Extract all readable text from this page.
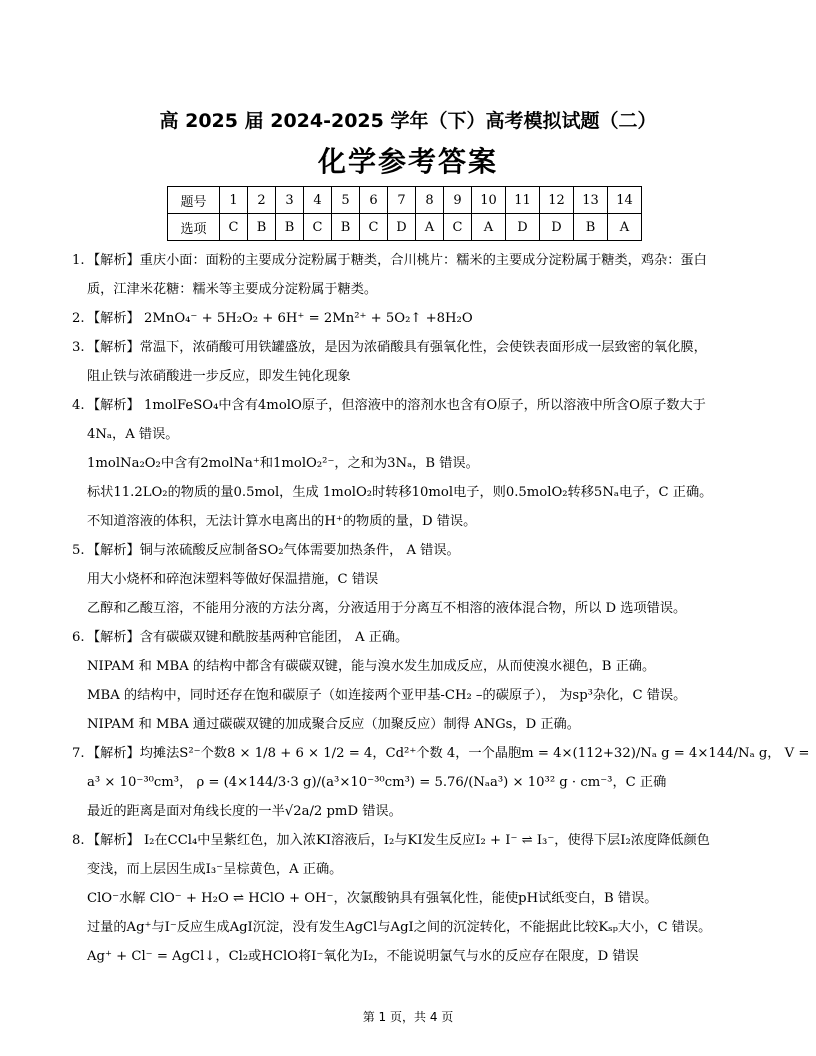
高 2025 届 2024-2025 学年（下）高考模拟试题（二）
化学参考答案
题号	1	2	3	4	5	6	7	8	9	10	11	12	13	14
选项	C	B	B	C	B	C	D	A	C	A	D	D	B	A
1. 【解析】重庆小面：面粉的主要成分淀粉属于糖类，合川桃片：糯米的主要成分淀粉属于糖类，鸡杂：蛋白
质，江津米花糖：糯米等主要成分淀粉属于糖类。
2. 【解析】 2MnO₄⁻ + 5H₂O₂ + 6H⁺ = 2Mn²⁺ + 5O₂↑ +8H₂O
3. 【解析】常温下，浓硝酸可用铁罐盛放，是因为浓硝酸具有强氧化性，会使铁表面形成一层致密的氧化膜，
阻止铁与浓硝酸进一步反应，即发生钝化现象
4. 【解析】 1molFeSO₄中含有4molO原子，但溶液中的溶剂水也含有O原子，所以溶液中所含O原子数大于
4Nₐ，A 错误。
1molNa₂O₂中含有2molNa⁺和1molO₂²⁻，之和为3Nₐ，B 错误。
标状11.2LO₂的物质的量0.5mol，生成 1molO₂时转移10mol电子，则0.5molO₂转移5Nₐ电子，C 正确。
不知道溶液的体积，无法计算水电离出的H⁺的物质的量，D 错误。
5. 【解析】铜与浓硫酸反应制备SO₂气体需要加热条件， A 错误。
用大小烧杯和碎泡沫塑料等做好保温措施，C 错误
乙醇和乙酸互溶，不能用分液的方法分离，分液适用于分离互不相溶的液体混合物，所以 D 选项错误。
6. 【解析】含有碳碳双键和酰胺基两种官能团， A 正确。
NIPAM 和 MBA 的结构中都含有碳碳双键，能与溴水发生加成反应，从而使溴水褪色，B 正确。
MBA 的结构中，同时还存在饱和碳原子（如连接两个亚甲基-CH₂ –的碳原子）， 为sp³杂化，C 错误。
NIPAM 和 MBA 通过碳碳双键的加成聚合反应（加聚反应）制得 ANGs，D 正确。
7. 【解析】均摊法S²⁻个数8 × 1/8 + 6 × 1/2 = 4，Cd²⁺个数 4，一个晶胞m = 4×(112+32)/Nₐ g = 4×144/Nₐ g， V =
a³ × 10⁻³⁰cm³， ρ = (4×144/3·3 g)/(a³×10⁻³⁰cm³) = 5.76/(Nₐa³) × 10³² g · cm⁻³，C 正确
最近的距离是面对角线长度的一半√2a/2 pmD 错误。
8. 【解析】 I₂在CCl₄中呈紫红色，加入浓KI溶液后，I₂与KI发生反应I₂ + I⁻ ⇌ I₃⁻，使得下层I₂浓度降低颜色
变浅，而上层因生成I₃⁻呈棕黄色，A 正确。
ClO⁻水解 ClO⁻ + H₂O ⇌ HClO + OH⁻，次氯酸钠具有强氧化性，能使pH试纸变白，B 错误。
过量的Ag⁺与I⁻反应生成AgI沉淀，没有发生AgCl与AgI之间的沉淀转化，不能据此比较Kₛₚ大小，C 错误。
Ag⁺ + Cl⁻ = AgCl↓，Cl₂或HClO将I⁻氧化为I₂，不能说明氯气与水的反应存在限度，D 错误
第 1 页，共 4 页
